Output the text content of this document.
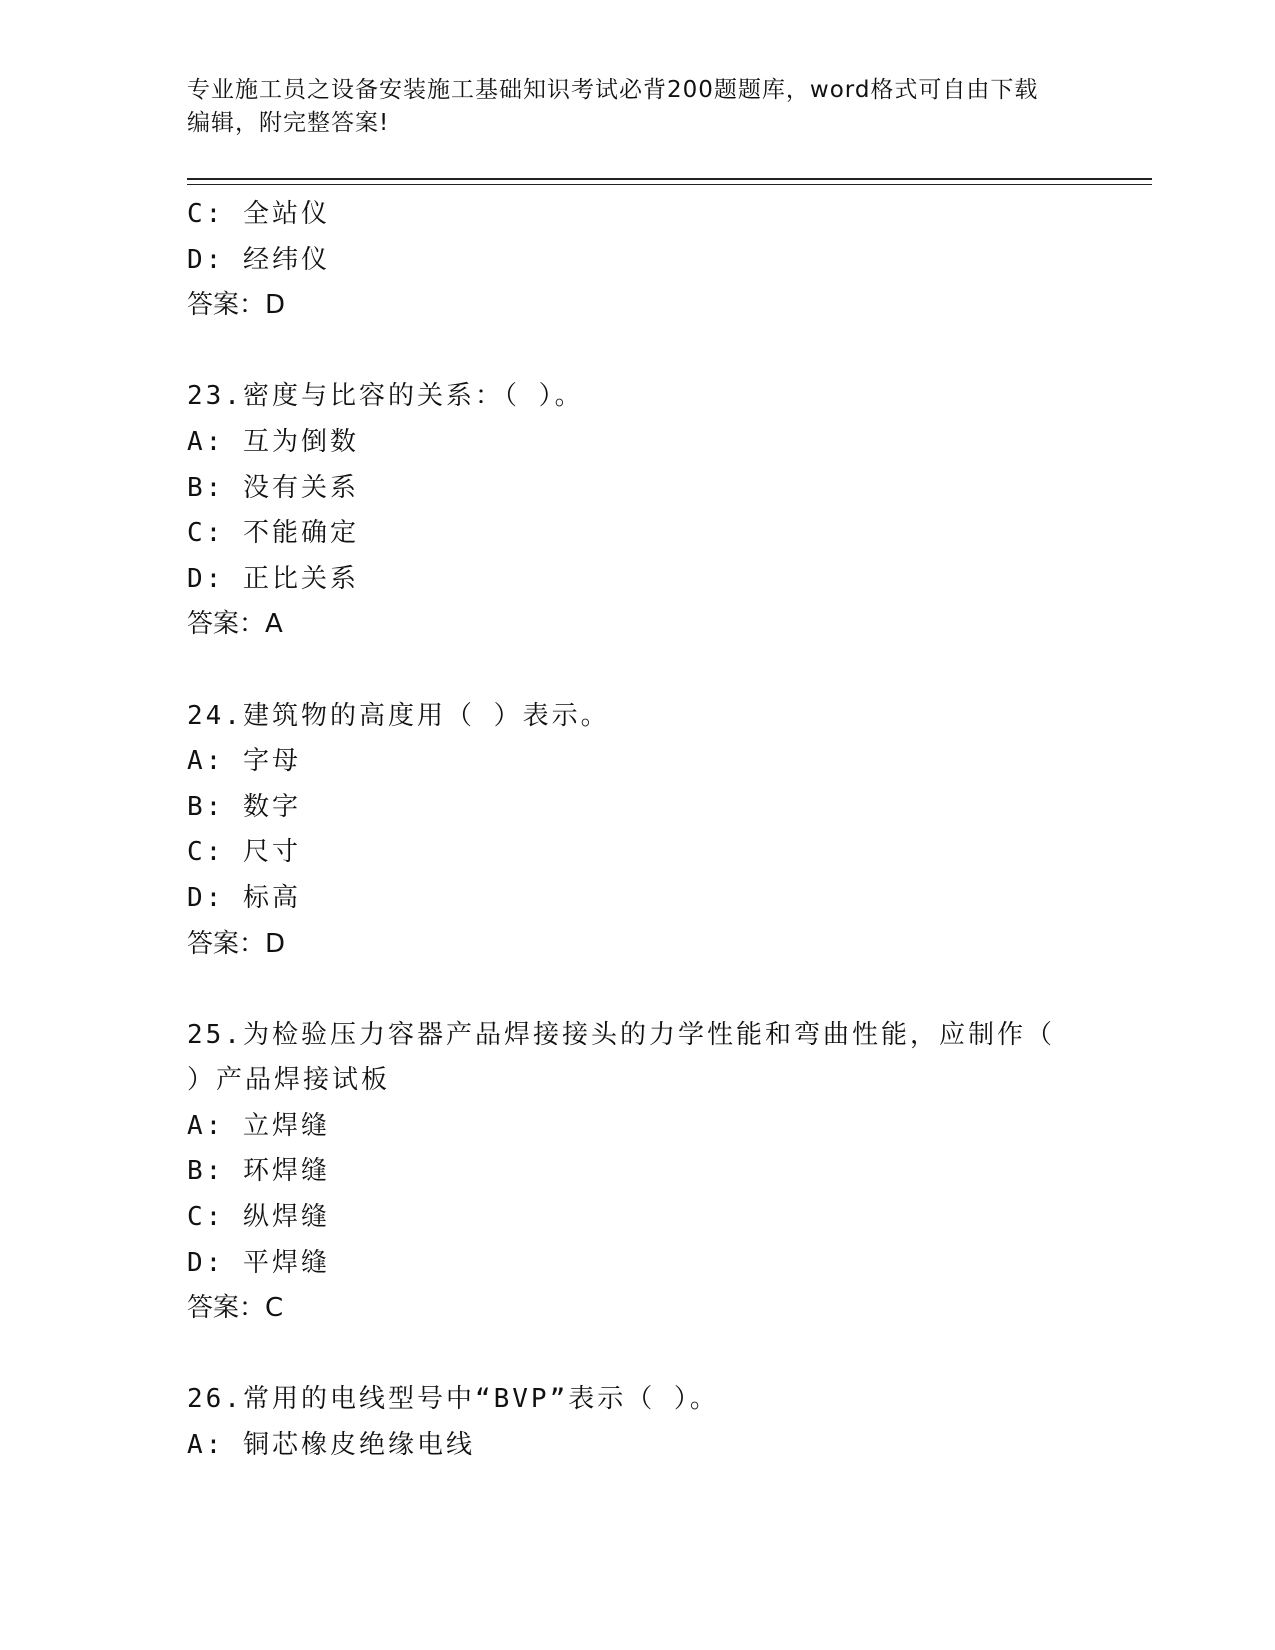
专业施工员之设备安装施工基础知识考试必背200题题库，word格式可自由下载
编辑，附完整答案!
C: 全站仪
D: 经纬仪
答案：D
23.密度与比容的关系：（ ）。
A: 互为倒数
B: 没有关系
C: 不能确定
D: 正比关系
答案：A
24.建筑物的高度用（ ）表示。
A: 字母
B: 数字
C: 尺寸
D: 标高
答案：D
25.为检验压力容器产品焊接接头的力学性能和弯曲性能，应制作（
）产品焊接试板
A: 立焊缝
B: 环焊缝
C: 纵焊缝
D: 平焊缝
答案：C
26.常用的电线型号中“BVP”表示（ ）。
A: 铜芯橡皮绝缘电线
